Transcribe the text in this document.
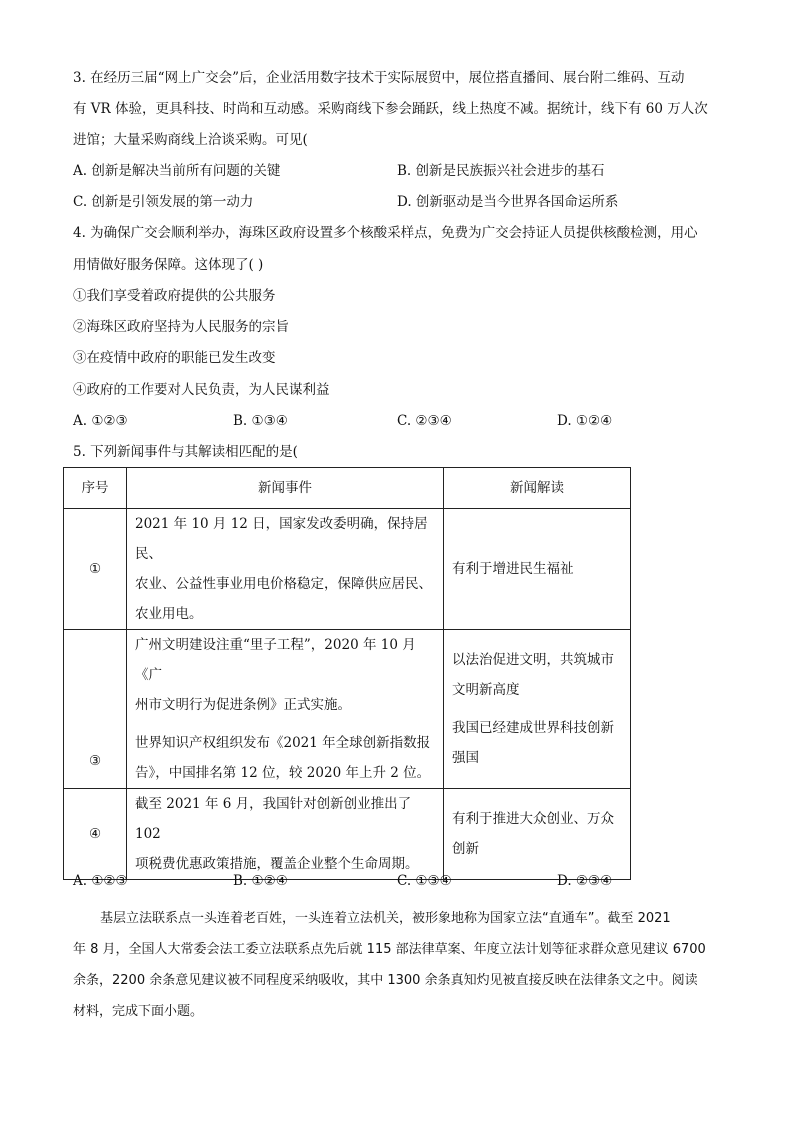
3. 在经历三届“网上广交会”后，企业活用数字技术于实际展贸中，展位搭直播间、展台附二维码、互动
有 VR 体验，更具科技、时尚和互动感。采购商线下参会踊跃，线上热度不减。据统计，线下有 60 万人次
进馆；大量采购商线上洽谈采购。可见(
A. 创新是解决当前所有问题的关键	B. 创新是民族振兴社会进步的基石
C. 创新是引领发展的第一动力	D. 创新驱动是当今世界各国命运所系
4. 为确保广交会顺利举办，海珠区政府设置多个核酸采样点，免费为广交会持证人员提供核酸检测，用心
用情做好服务保障。这体现了( )
①我们享受着政府提供的公共服务
②海珠区政府坚持为人民服务的宗旨
③在疫情中政府的职能已发生改变
④政府的工作要对人民负责，为人民谋利益
A. ①②③	B. ①③④	C. ②③④	D. ①②④
5. 下列新闻事件与其解读相匹配的是(
序号	新闻事件	新闻解读
①	2021 年 10 月 12 日，国家发改委明确，保持居民、
农业、公益性事业用电价格稳定，保障供应居民、
农业用电。	有利于增进民生福祉

③	广州文明建设注重“里子工程”，2020 年 10 月《广
州市文明行为促进条例》正式实施。
世界知识产权组织发布《2021 年全球创新指数报
告》，中国排名第 12 位，较 2020 年上升 2 位。	以法治促进文明，共筑城市
文明新高度
我国已经建成世界科技创新
强国

④	截至 2021 年 6 月，我国针对创新创业推出了 102
项税费优惠政策措施，覆盖企业整个生命周期。	有利于推进大众创业、万众
创新
A. ①②③	B. ①②④	C. ①③④	D. ②③④
基层立法联系点一头连着老百姓，一头连着立法机关，被形象地称为国家立法“直通车”。截至 2021
年 8 月，全国人大常委会法工委立法联系点先后就 115 部法律草案、年度立法计划等征求群众意见建议 6700
余条，2200 余条意见建议被不同程度采纳吸收，其中 1300 余条真知灼见被直接反映在法律条文之中。阅读
材料，完成下面小题。
